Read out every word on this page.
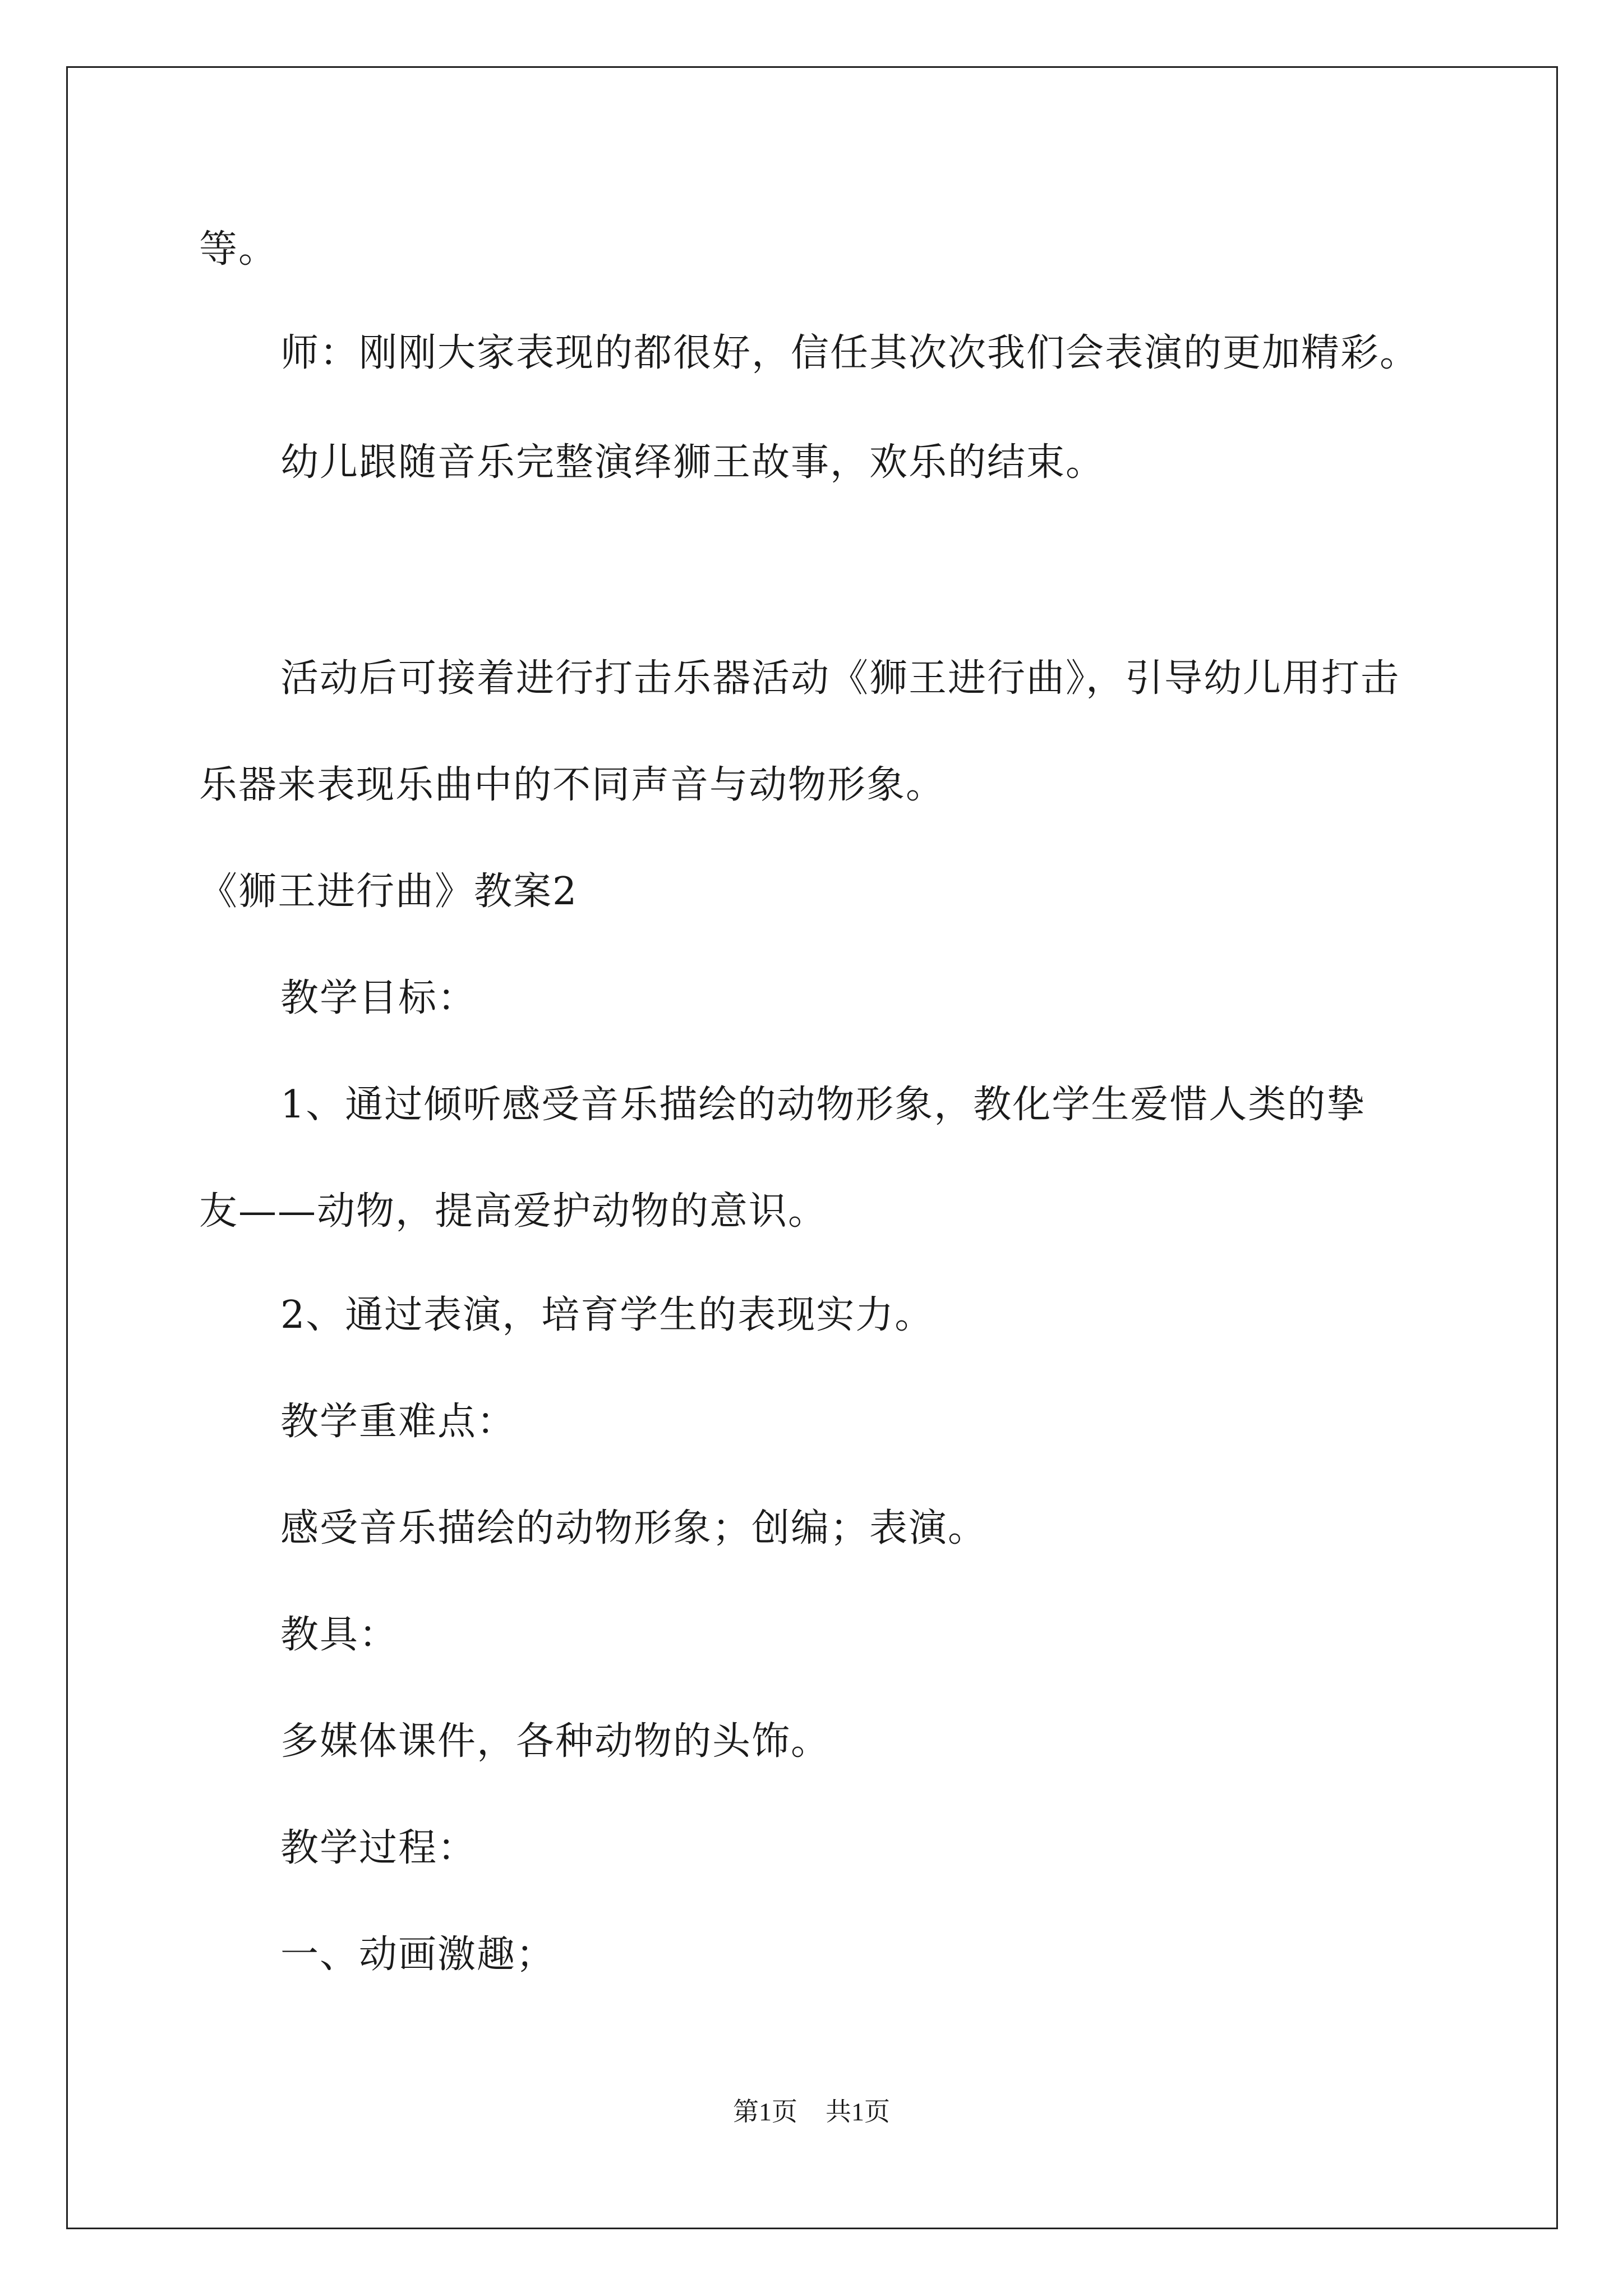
等。
师：刚刚大家表现的都很好，信任其次次我们会表演的更加精彩。
幼儿跟随音乐完整演绎狮王故事，欢乐的结束。
活动后可接着进行打击乐器活动《狮王进行曲》，引导幼儿用打击
乐器来表现乐曲中的不同声音与动物形象。
《狮王进行曲》教案2
教学目标：
1、通过倾听感受音乐描绘的动物形象，教化学生爱惜人类的挚
友——动物，提高爱护动物的意识。
2、通过表演，培育学生的表现实力。
教学重难点：
感受音乐描绘的动物形象；创编；表演。
教具：
多媒体课件，各种动物的头饰。
教学过程：
一、动画激趣；
第1页 共1页
